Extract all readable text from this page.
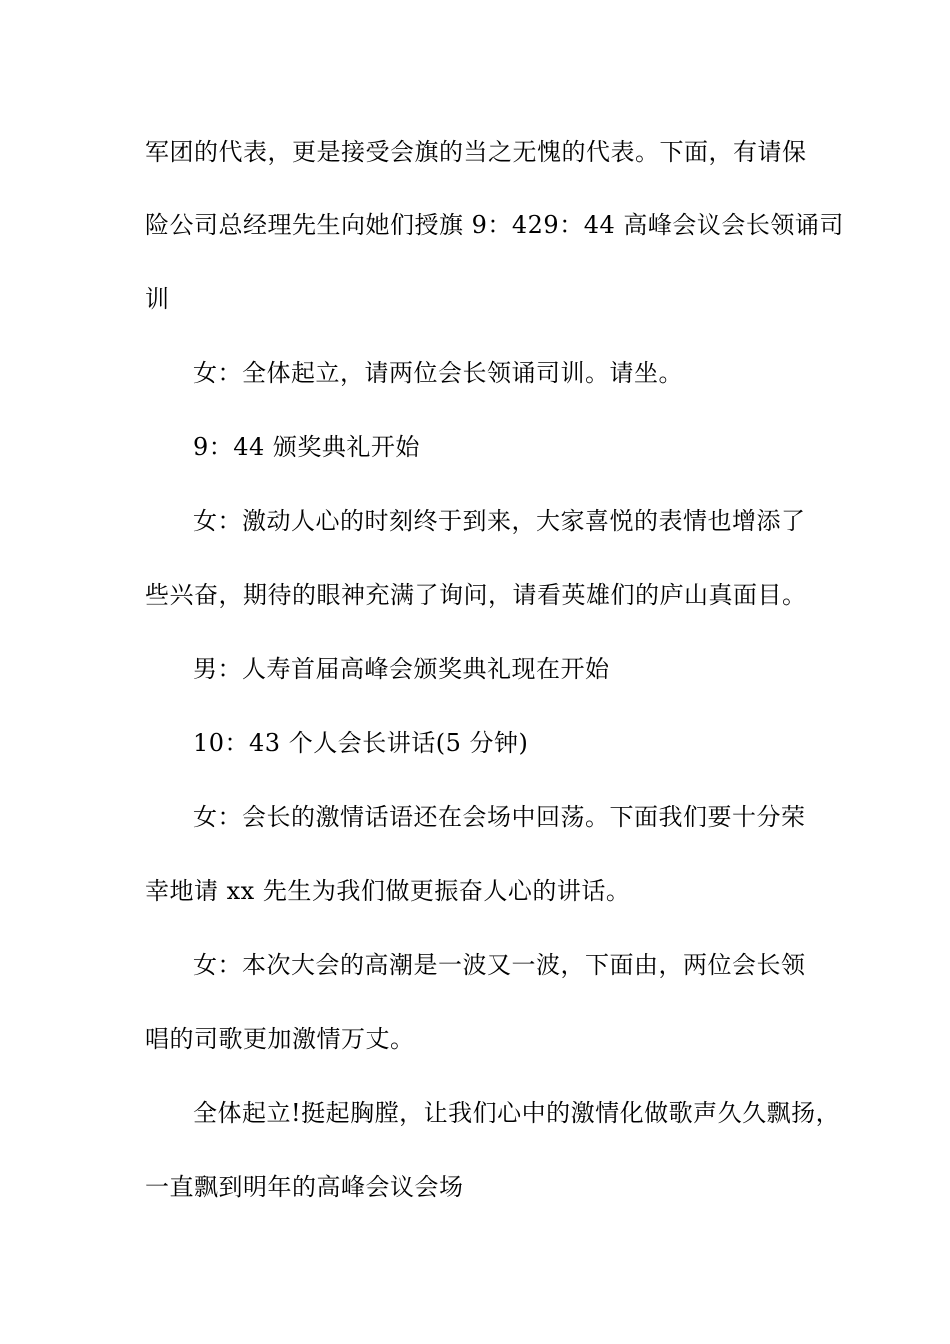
军团的代表，更是接受会旗的当之无愧的代表。下面，有请保
险公司总经理先生向她们授旗 9：429：44 高峰会议会长领诵司
训
女：全体起立，请两位会长领诵司训。请坐。
9：44 颁奖典礼开始
女：激动人心的时刻终于到来，大家喜悦的表情也增添了
些兴奋，期待的眼神充满了询问，请看英雄们的庐山真面目。
男：人寿首届高峰会颁奖典礼现在开始
10：43 个人会长讲话(5 分钟)
女：会长的激情话语还在会场中回荡。下面我们要十分荣
幸地请 xx 先生为我们做更振奋人心的讲话。
女：本次大会的高潮是一波又一波，下面由，两位会长领
唱的司歌更加激情万丈。
全体起立!挺起胸膛，让我们心中的激情化做歌声久久飘扬，
一直飘到明年的高峰会议会场
